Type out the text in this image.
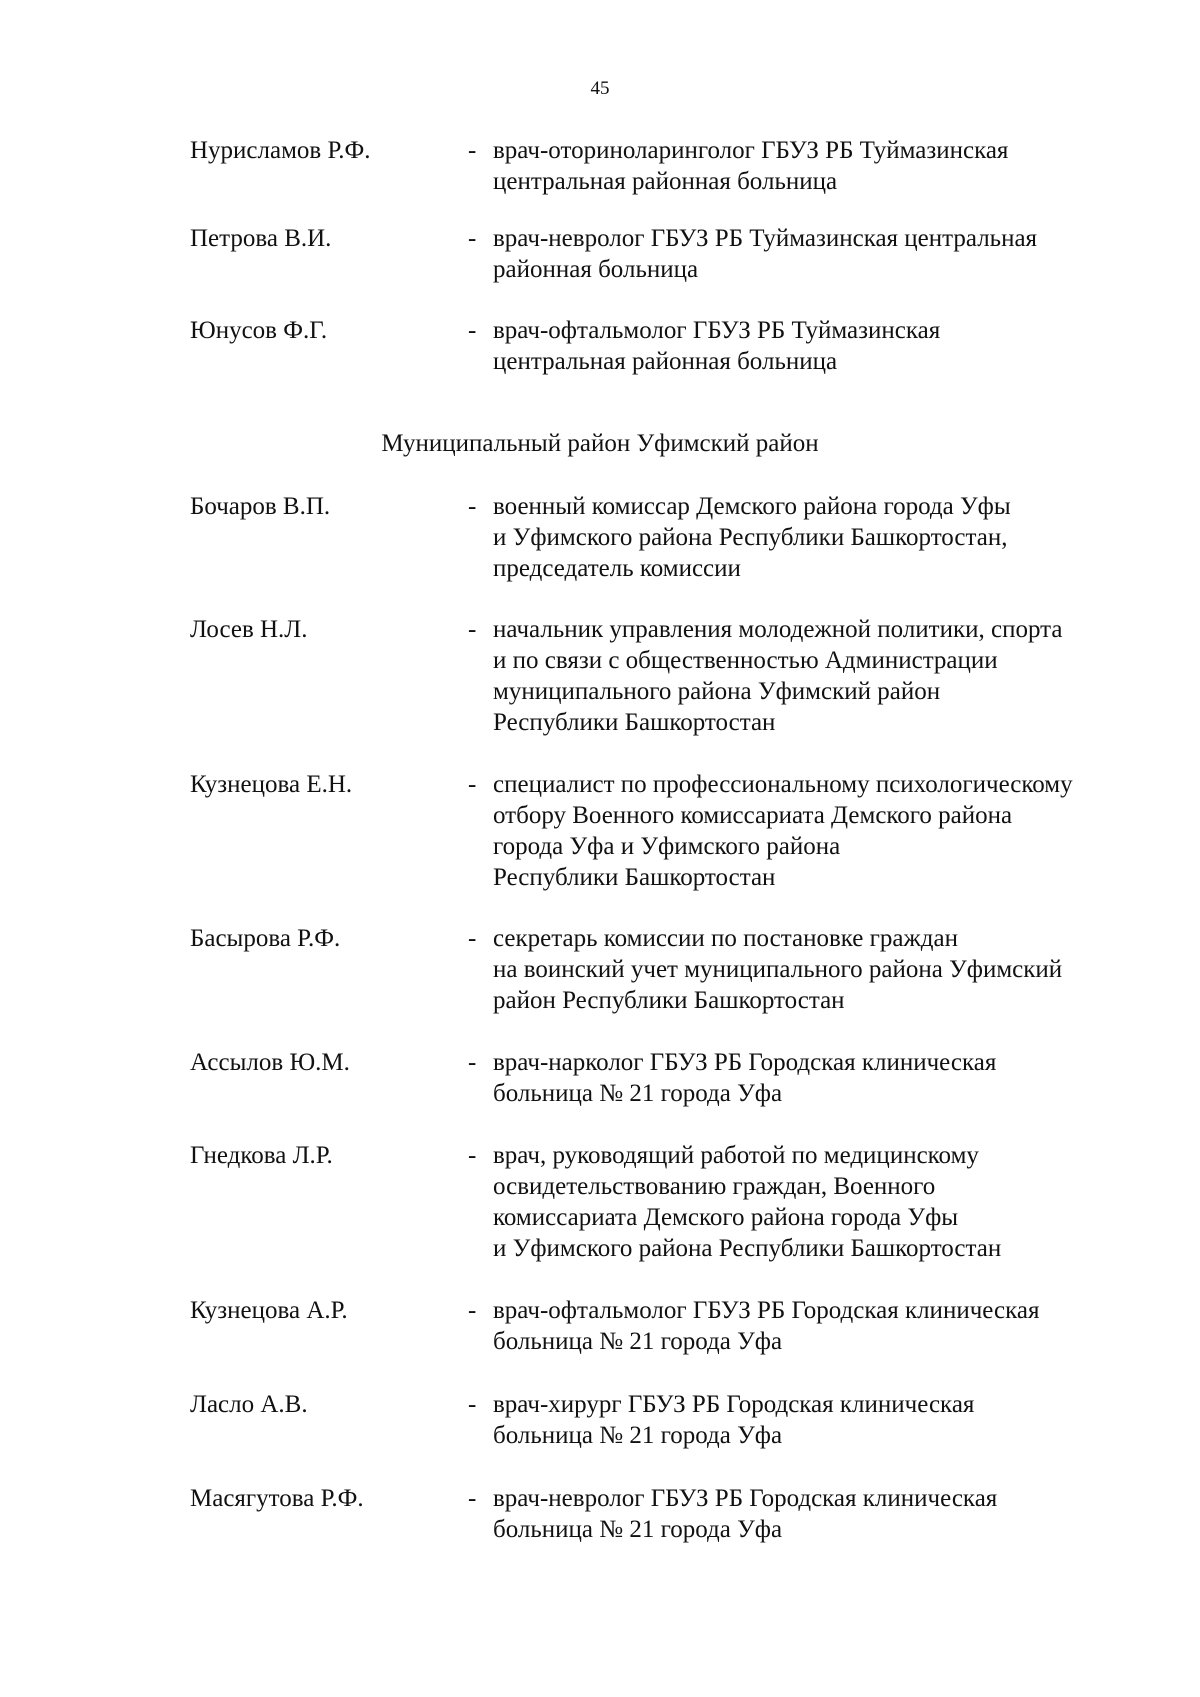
45
Нурисламов Р.Ф.	- врач-оториноларинголог ГБУЗ РБ Туймазинская
центральная районная больница
Петрова В.И.	- врач-невролог ГБУЗ РБ Туймазинская центральная
районная больница
Юнусов Ф.Г.	- врач-офтальмолог ГБУЗ РБ Туймазинская
центральная районная больница
Муниципальный район Уфимский район
Бочаров В.П.	- военный комиссар Демского района города Уфы
и Уфимского района Республики Башкортостан,
председатель комиссии
Лосев Н.Л.	- начальник управления молодежной политики, спорта
и по связи с общественностью Администрации
муниципального района Уфимский район
Республики Башкортостан
Кузнецова Е.Н.	- специалист по профессиональному психологическому
отбору Военного комиссариата Демского района
города Уфа и Уфимского района
Республики Башкортостан
Басырова Р.Ф.	- секретарь комиссии по постановке граждан
на воинский учет муниципального района Уфимский
район Республики Башкортостан
Ассылов Ю.М.	- врач-нарколог ГБУЗ РБ Городская клиническая
больница № 21 города Уфа
Гнедкова Л.Р.	- врач, руководящий работой по медицинскому
освидетельствованию граждан, Военного
комиссариата Демского района города Уфы
и Уфимского района Республики Башкортостан
Кузнецова А.Р.	- врач-офтальмолог ГБУЗ РБ Городская клиническая
больница № 21 города Уфа
Ласло А.В.	- врач-хирург ГБУЗ РБ Городская клиническая
больница № 21 города Уфа
Масягутова Р.Ф.	- врач-невролог ГБУЗ РБ Городская клиническая
больница № 21 города Уфа
